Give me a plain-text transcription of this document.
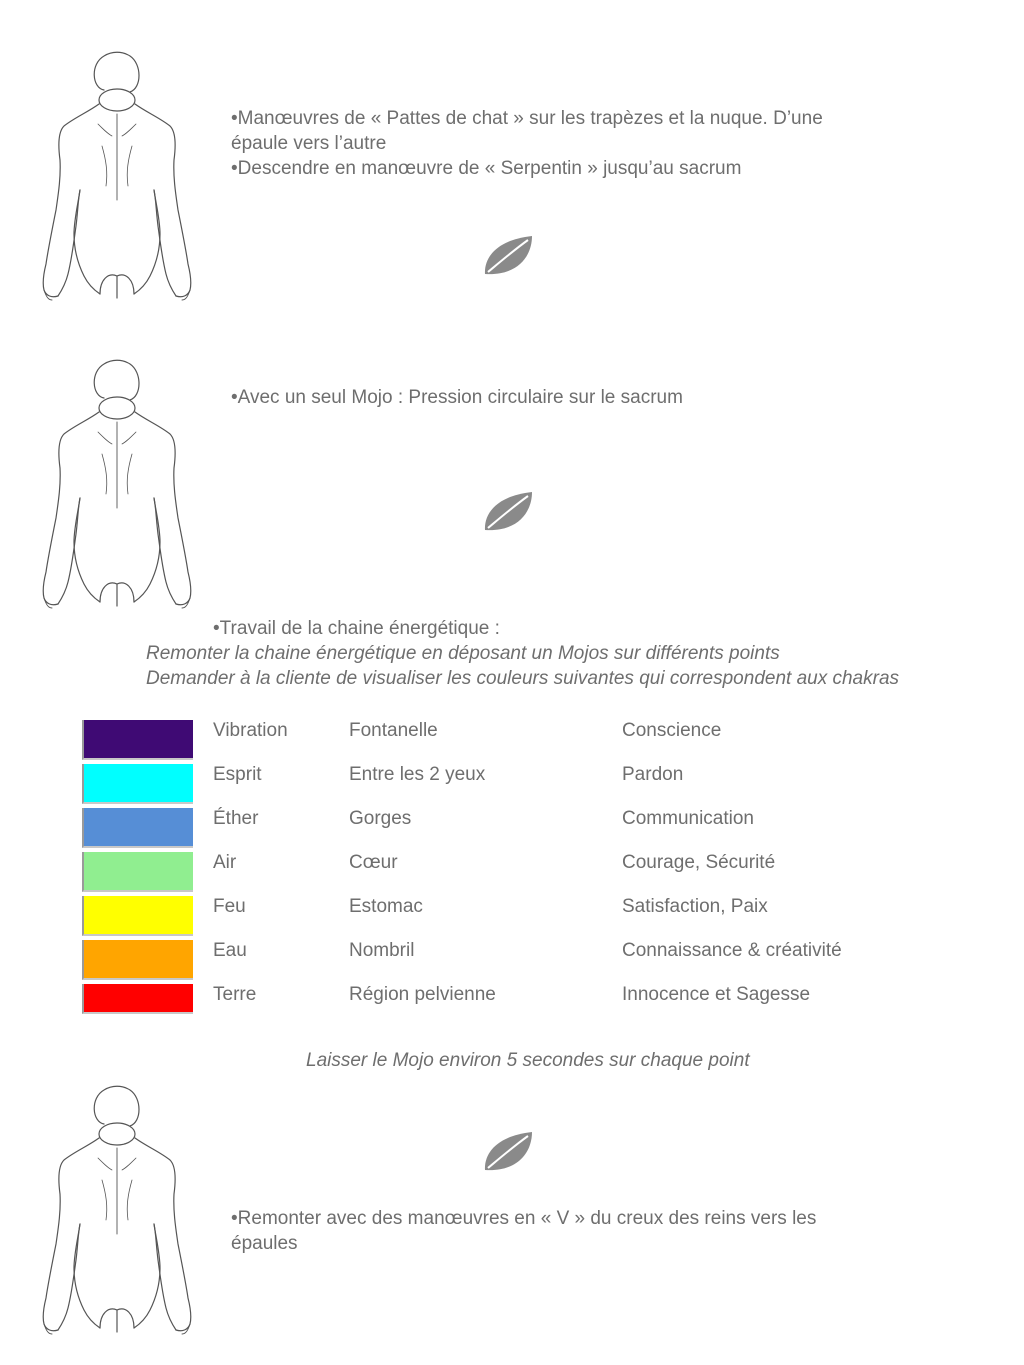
•Manœuvres de « Pattes de chat » sur les trapèzes et la nuque. D’une

épaule vers l’autre

•Descendre en manœuvre de « Serpentin » jusqu’au sacrum

•Avec un seul Mojo : Pression circulaire sur le sacrum

•Travail de la chaine énergétique :
Remonter la chaine énergétique en déposant un Mojos sur différents points
Demander à la cliente de visualiser les couleurs suivantes qui correspondent aux chakras
Vibration	Fontanelle	Conscience
Esprit	Entre les 2 yeux	Pardon
Éther	Gorges	Communication
Air	Cœur	Courage, Sécurité
Feu	Estomac	Satisfaction, Paix
Eau	Nombril	Connaissance & créativité
Terre	Région pelvienne	Innocence et Sagesse
Laisser le Mojo environ 5 secondes sur chaque point

•Remonter avec des manœuvres en « V » du creux des reins vers les

épaules
